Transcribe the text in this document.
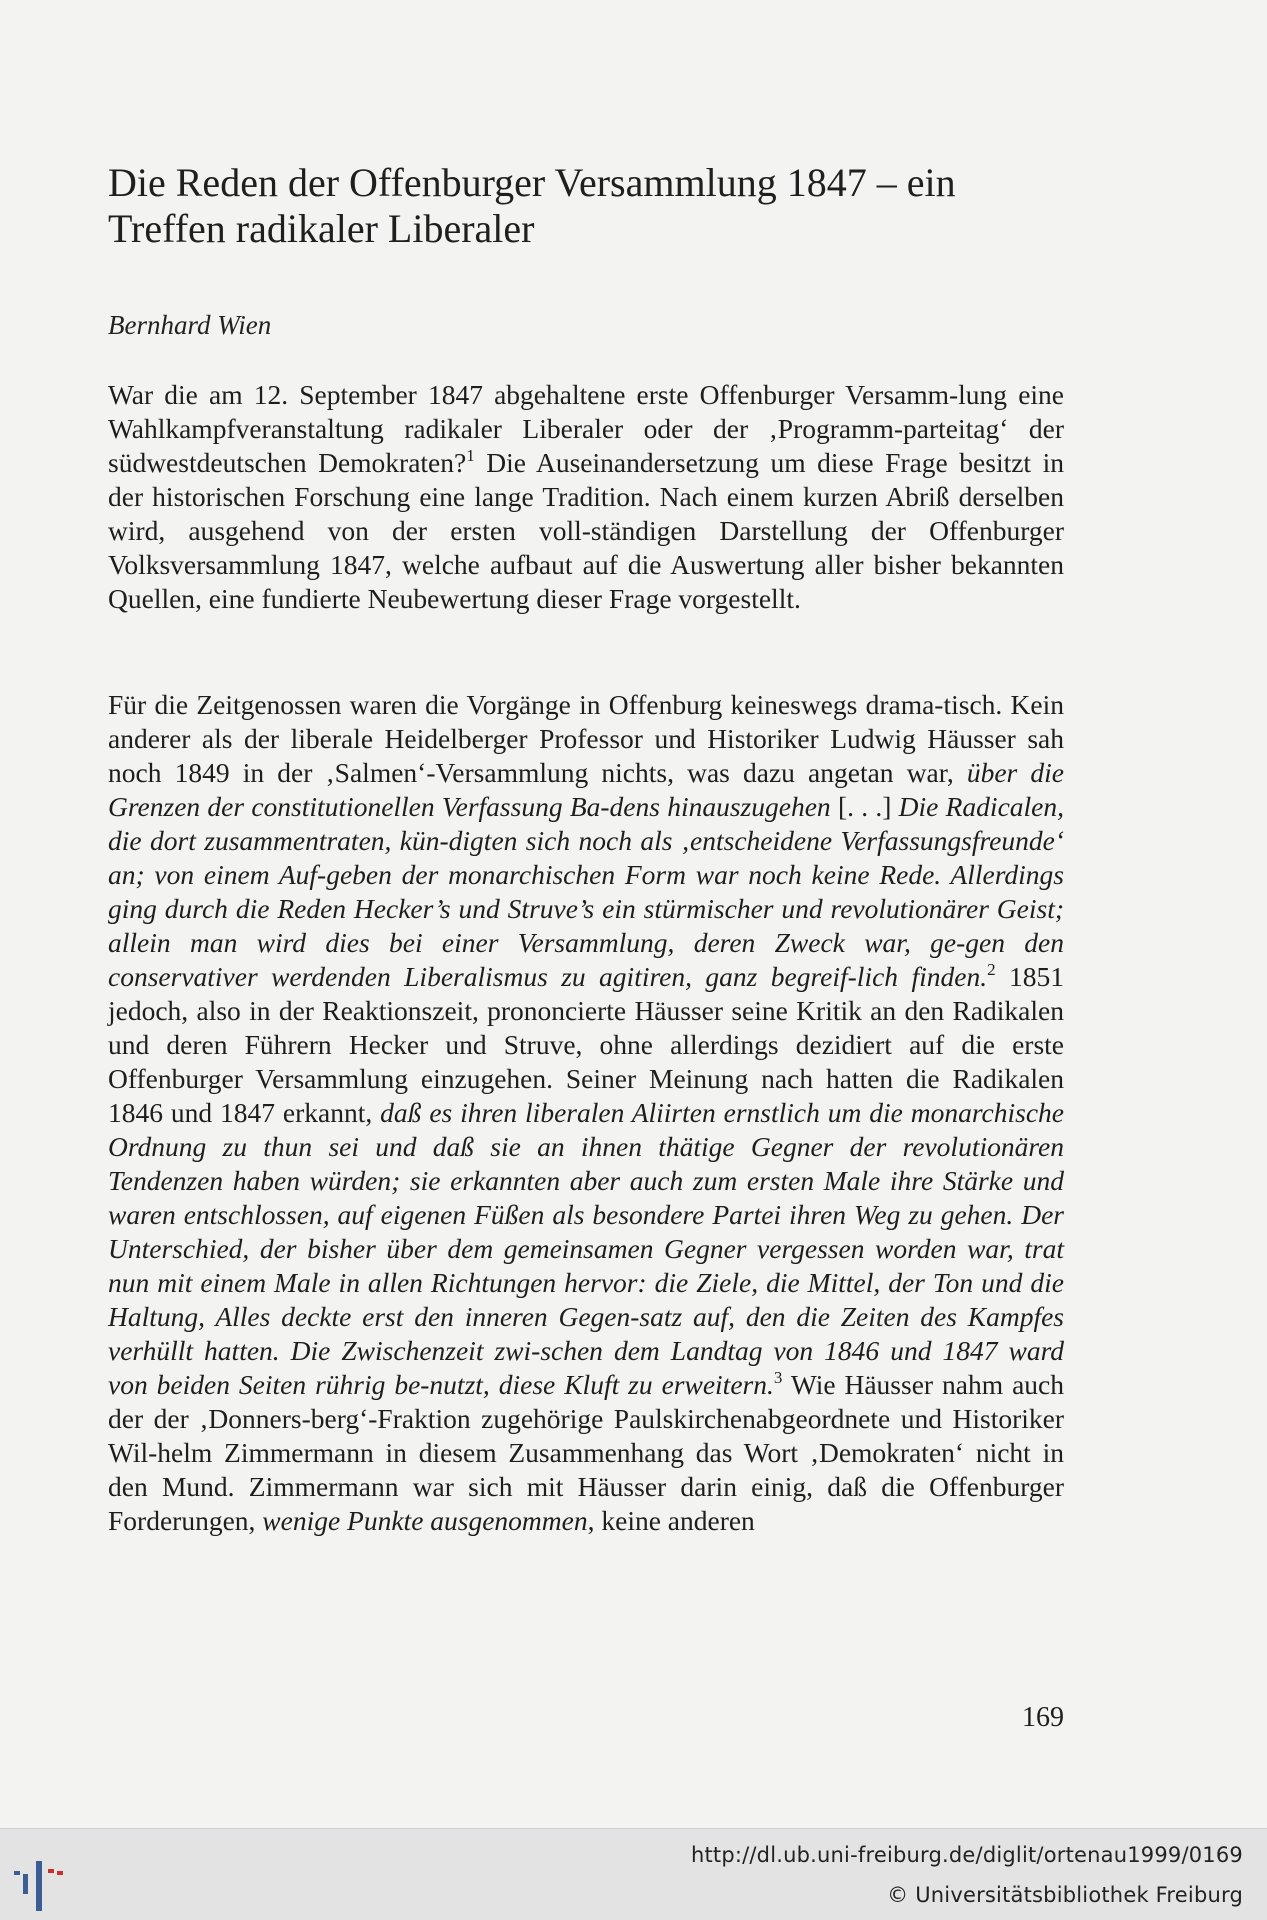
Die Reden der Offenburger Versammlung 1847 – ein
Treffen radikaler Liberaler

Bernhard Wien

War die am 12. September 1847 abgehaltene erste Offenburger Versamm-lung eine Wahlkampfveranstaltung radikaler Liberaler oder der ‚Programm-parteitag‘ der südwestdeutschen Demokraten?$^1$ Die Auseinandersetzung um diese Frage besitzt in der historischen Forschung eine lange Tradition. Nach einem kurzen Abriß derselben wird, ausgehend von der ersten voll-ständigen Darstellung der Offenburger Volksversammlung 1847, welche aufbaut auf die Auswertung aller bisher bekannten Quellen, eine fundierte Neubewertung dieser Frage vorgestellt.

Für die Zeitgenossen waren die Vorgänge in Offenburg keineswegs drama-tisch. Kein anderer als der liberale Heidelberger Professor und Historiker Ludwig Häusser sah noch 1849 in der ‚Salmen‘-Versammlung nichts, was dazu angetan war, über die Grenzen der constitutionellen Verfassung Ba-dens hinauszugehen [. . .] Die Radicalen, die dort zusammentraten, kün-digten sich noch als ‚entscheidene Verfassungsfreunde‘ an; von einem Auf-geben der monarchischen Form war noch keine Rede. Allerdings ging durch die Reden Hecker’s und Struve’s ein stürmischer und revolutionärer Geist; allein man wird dies bei einer Versammlung, deren Zweck war, ge-gen den conservativer werdenden Liberalismus zu agitiren, ganz begreif-lich finden.$^2$ 1851 jedoch, also in der Reaktionszeit, prononcierte Häusser seine Kritik an den Radikalen und deren Führern Hecker und Struve, ohne allerdings dezidiert auf die erste Offenburger Versammlung einzugehen. Seiner Meinung nach hatten die Radikalen 1846 und 1847 erkannt, daß es ihren liberalen Aliirten ernstlich um die monarchische Ordnung zu thun sei und daß sie an ihnen thätige Gegner der revolutionären Tendenzen haben würden; sie erkannten aber auch zum ersten Male ihre Stärke und waren entschlossen, auf eigenen Füßen als besondere Partei ihren Weg zu gehen. Der Unterschied, der bisher über dem gemeinsamen Gegner vergessen worden war, trat nun mit einem Male in allen Richtungen hervor: die Ziele, die Mittel, der Ton und die Haltung, Alles deckte erst den inneren Gegen-satz auf, den die Zeiten des Kampfes verhüllt hatten. Die Zwischenzeit zwi-schen dem Landtag von 1846 und 1847 ward von beiden Seiten rührig be-nutzt, diese Kluft zu erweitern.$^3$ Wie Häusser nahm auch der der ‚Donners-berg‘-Fraktion zugehörige Paulskirchenabgeordnete und Historiker Wil-helm Zimmermann in diesem Zusammenhang das Wort ‚Demokraten‘ nicht in den Mund. Zimmermann war sich mit Häusser darin einig, daß die Offenburger Forderungen, wenige Punkte ausgenommen, keine anderen

169
http://dl.ub.uni-freiburg.de/diglit/ortenau1999/0169
© Universitätsbibliothek Freiburg
